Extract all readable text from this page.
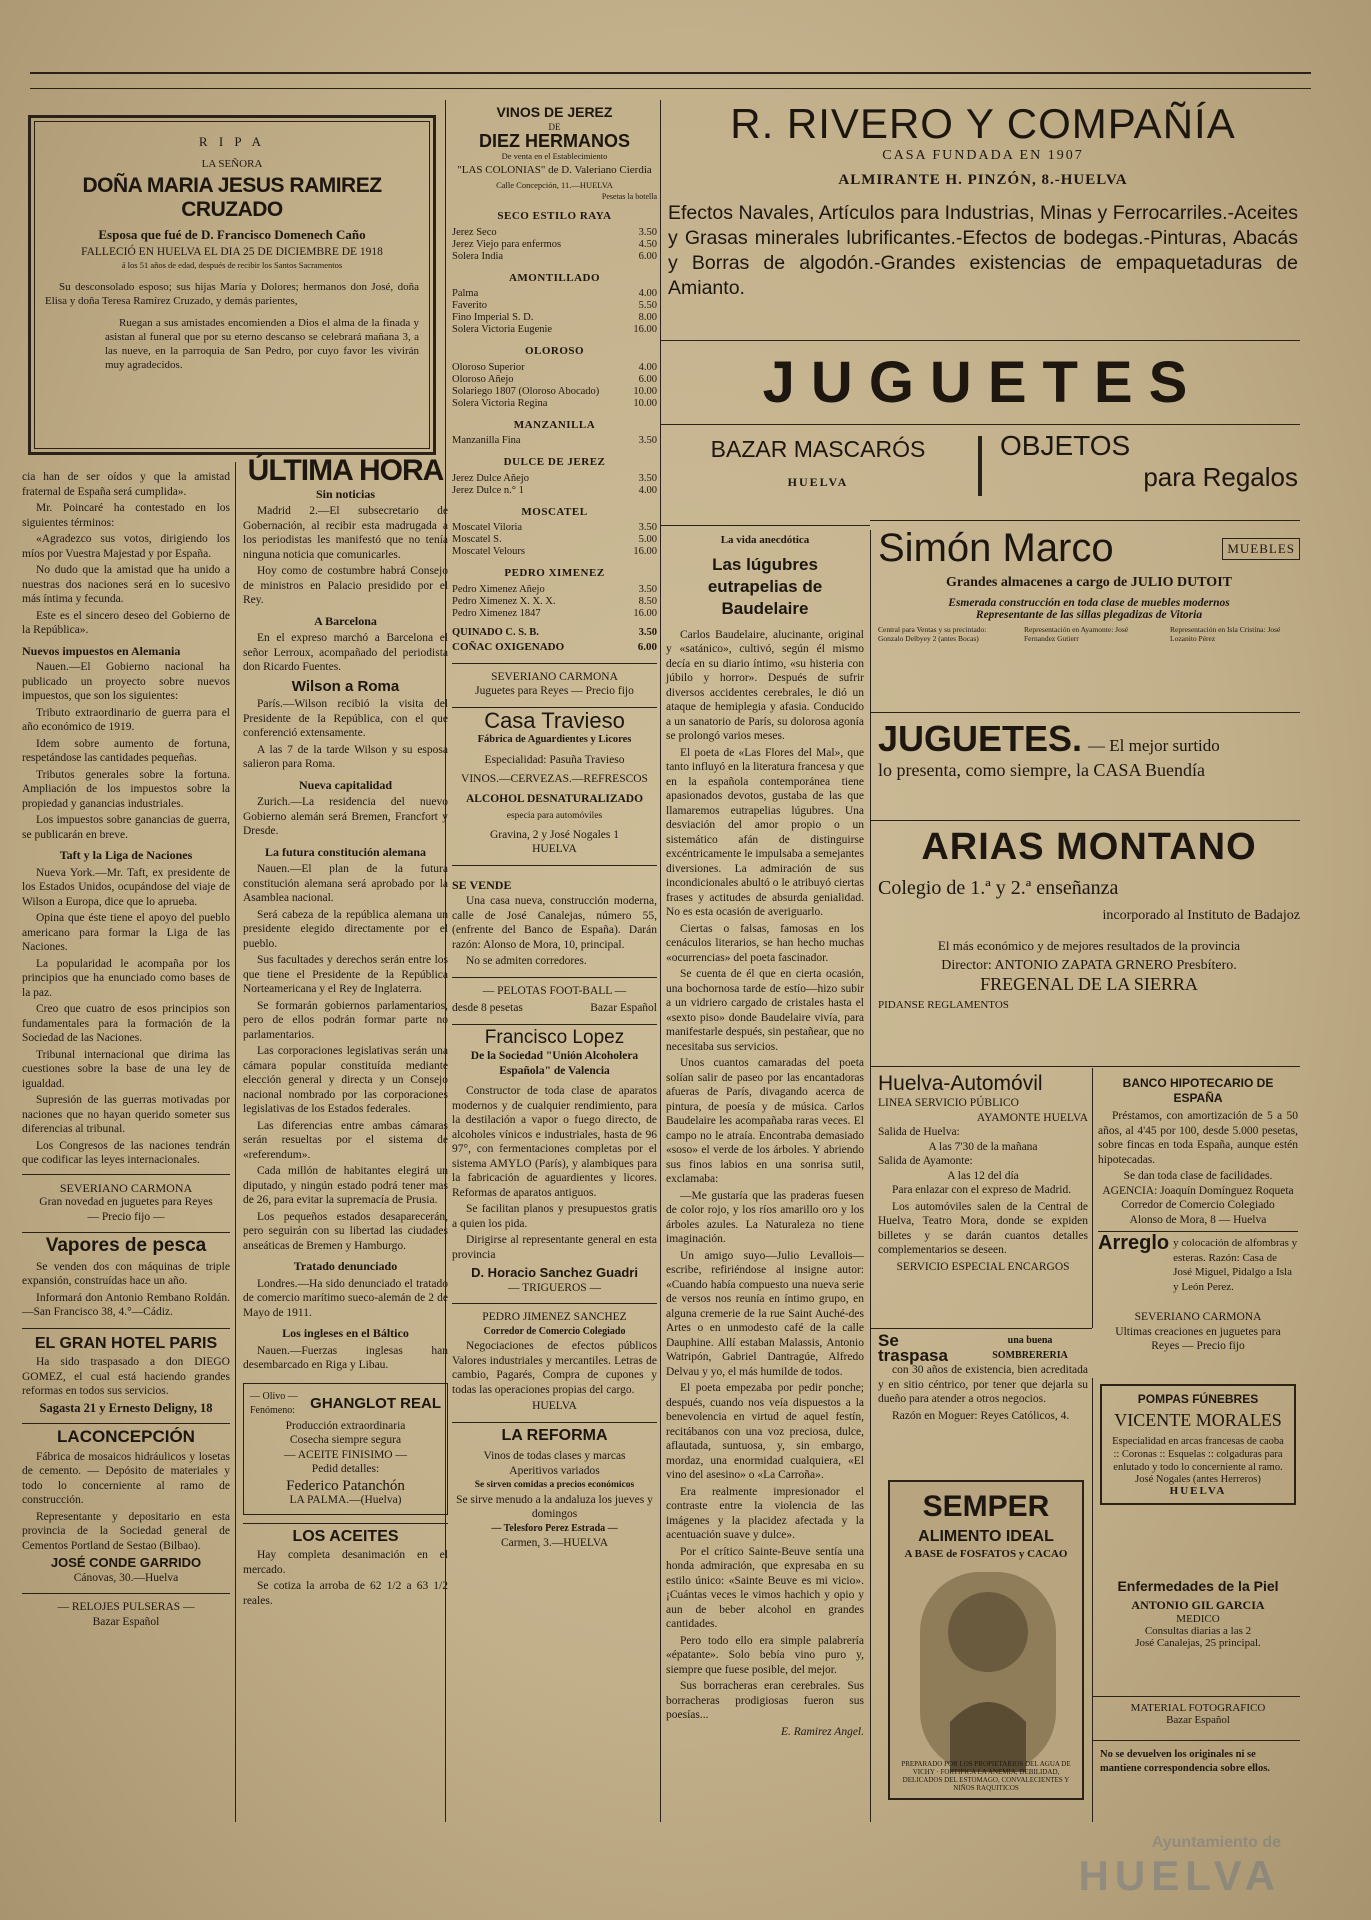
R I P A
LA SEÑORA
DOÑA MARIA JESUS RAMIREZ CRUZADO
Esposa que fué de D. Francisco Domenech Caño
FALLECIÓ EN HUELVA EL DIA 25 DE DICIEMBRE DE 1918
á los 51 años de edad, después de recibir los Santos Sacramentos

Su desconsolado esposo; sus hijas María y Dolores; hermanos don José, doña Elisa y doña Teresa Ramírez Cruzado, y demás parientes,

Ruegan a sus amistades encomienden a Dios el alma de la finada y asistan al funeral que por su eterno descanso se celebrará mañana 3, a las nueve, en la parroquia de San Pedro, por cuyo favor les vivirán muy agradecidos.

cia han de ser oídos y que la amistad fraternal de España será cumplida».

Mr. Poincaré ha contestado en los siguientes términos:

«Agradezco sus votos, dirigiendo los míos por Vuestra Majestad y por España.

No dudo que la amistad que ha unido a nuestras dos naciones será en lo sucesivo más íntima y fecunda.

Este es el sincero deseo del Gobierno de la República».

Nuevos impuestos en Alemania

Nauen.—El Gobierno nacional ha publicado un proyecto sobre nuevos impuestos, que son los siguientes:

Tributo extraordinario de guerra para el año económico de 1919.

Idem sobre aumento de fortuna, respetándose las cantidades pequeñas.

Tributos generales sobre la fortuna. Ampliación de los impuestos sobre la propiedad y ganancias industriales.

Los impuestos sobre ganancias de guerra, se publicarán en breve.

Taft y la Liga de Naciones

Nueva York.—Mr. Taft, ex presidente de los Estados Unidos, ocupándose del viaje de Wilson a Europa, dice que lo aprueba.

Opina que éste tiene el apoyo del pueblo americano para formar la Liga de las Naciones.

La popularidad le acompaña por los principios que ha enunciado como bases de la paz.

Creo que cuatro de esos principios son fundamentales para la formación de la Sociedad de las Naciones.

Tribunal internacional que dirima las cuestiones sobre la base de una ley de igualdad.

Supresión de las guerras motivadas por naciones que no hayan querido someter sus diferencias al tribunal.

Los Congresos de las naciones tendrán que codificar las leyes internacionales.

SEVERIANO CARMONA
Gran novedad en juguetes para Reyes
— Precio fijo —
Vapores de pesca

Se venden dos con máquinas de triple expansión, construídas hace un año.

Informará don Antonio Rembano Roldán.—San Francisco 38, 4.°—Cádiz.

EL GRAN HOTEL PARIS

Ha sido traspasado a don DIEGO GOMEZ, el cual está haciendo grandes reformas en todos sus servicios.

Sagasta 21 y Ernesto Deligny, 18
LACONCEPCIÓN

Fábrica de mosaicos hidráulicos y losetas de cemento. — Depósito de materiales y todo lo concerniente al ramo de construcción.

Representante y depositario en esta provincia de la Sociedad general de Cementos Portland de Sestao (Bilbao).

JOSÉ CONDE GARRIDO
Cánovas, 30.—Huelva
— RELOJES PULSERAS —
Bazar Español
ÚLTIMA HORA
Sin noticias

Madrid 2.—El subsecretario de Gobernación, al recibir esta madrugada a los periodistas les manifestó que no tenía ninguna noticia que comunicarles.

Hoy como de costumbre habrá Consejo de ministros en Palacio presidido por el Rey.

A Barcelona

En el expreso marchó a Barcelona el señor Lerroux, acompañado del periodista don Ricardo Fuentes.

Wilson a Roma

París.—Wilson recibió la visita del Presidente de la República, con el que conferenció extensamente.

A las 7 de la tarde Wilson y su esposa salieron para Roma.

Nueva capitalidad

Zurich.—La residencia del nuevo Gobierno alemán será Bremen, Francfort y Dresde.

La futura constitución alemana

Nauen.—El plan de la futura constitución alemana será aprobado por la Asamblea nacional.

Será cabeza de la república alemana un presidente elegido directamente por el pueblo.

Sus facultades y derechos serán entre los que tiene el Presidente de la República Norteamericana y el Rey de Inglaterra.

Se formarán gobiernos parlamentarios, pero de ellos podrán formar parte no parlamentarios.

Las corporaciones legislativas serán una cámara popular constituída mediante elección general y directa y un Consejo nacional nombrado por las corporaciones legislativas de los Estados federales.

Las diferencias entre ambas cámaras serán resueltas por el sistema de «referendum».

Cada millón de habitantes elegirá un diputado, y ningún estado podrá tener mas de 26, para evitar la supremacía de Prusia.

Los pequeños estados desaparecerán, pero seguirán con su libertad las ciudades anseáticas de Bremen y Hamburgo.

Tratado denunciado

Londres.—Ha sido denunciado el tratado de comercio marítimo sueco-alemán de 2 de Mayo de 1911.

Los ingleses en el Báltico

Nauen.—Fuerzas inglesas han desembarcado en Riga y Libau.

— Olivo — Fenómeno:	GHANGLOT REAL
Producción extraordinaria
Cosecha siempre segura
— ACEITE FINISIMO —
Pedid detalles:
Federico Patanchón
LA PALMA.—(Huelva)
LOS ACEITES

Hay completa desanimación en el mercado.

Se cotiza la arroba de 62 1/2 a 63 1/2 reales.

VINOS DE JEREZ
DE
DIEZ HERMANOS
De venta en el Establecimiento
"LAS COLONIAS" de D. Valeriano Cierdia
Calle Concepción, 11.—HUELVA
Pesetas la botella
SECO ESTILO RAYA
Jerez Seco	3.50
Jerez Viejo para enfermos	4.50
Solera India	6.00
AMONTILLADO
Palma	4.00
Faverito	5.50
Fino Imperial S. D.	8.00
Solera Victoria Eugenie	16.00
OLOROSO
Oloroso Superior	4.00
Oloroso Añejo	6.00
Solariego 1807 (Oloroso Abocado)	10.00
Solera Victoria Regina	10.00
MANZANILLA
Manzanilla Fina	3.50
DULCE DE JEREZ
Jerez Dulce Añejo	3.50
Jerez Dulce n.° 1	4.00
MOSCATEL
Moscatel Viloria	3.50
Moscatel S.	5.00
Moscatel Velours	16.00
PEDRO XIMENEZ
Pedro Ximenez Añejo	3.50
Pedro Ximenez X. X. X.	8.50
Pedro Ximenez 1847	16.00
QUINADO C. S. B.	3.50
COÑAC OXIGENADO	6.00
SEVERIANO CARMONA
Juguetes para Reyes — Precio fijo
Casa Travieso
Fábrica de Aguardientes y Licores
Especialidad: Pasuña Travieso
VINOS.—CERVEZAS.—REFRESCOS
ALCOHOL DESNATURALIZADO
especia para automóviles
Gravina, 2 y José Nogales 1
HUELVA
SE VENDE

Una casa nueva, construcción moderna, calle de José Canalejas, número 55, (enfrente del Banco de España). Darán razón: Alonso de Mora, 10, principal.

No se admiten corredores.

— PELOTAS FOOT-BALL —
desde 8 pesetas	Bazar Español
Francisco Lopez
De la Sociedad "Unión Alcoholera Española" de Valencia

Constructor de toda clase de aparatos modernos y de cualquier rendimiento, para la destilación a vapor o fuego directo, de alcoholes vínicos e industriales, hasta de 96 97°, con fermentaciones completas por el sistema AMYLO (París), y alambiques para la fabricación de aguardientes y licores. Reformas de aparatos antiguos.

Se facilitan planos y presupuestos gratis a quien los pida.

Dirigirse al representante general en esta provincia

D. Horacio Sanchez Guadri
— TRIGUEROS —
PEDRO JIMENEZ SANCHEZ
Corredor de Comercio Colegiado

Negociaciones de efectos públicos Valores industriales y mercantiles. Letras de cambio, Pagarés, Compra de cupones y todas las operaciones propias del cargo.

HUELVA
LA REFORMA
Vinos de todas clases y marcas
Aperitivos variados
Se sirven comidas a precios económicos
Se sirve menudo a la andaluza los jueves y domingos
— Telesforo Perez Estrada —
Carmen, 3.—HUELVA
R. RIVERO Y COMPAÑÍA
CASA FUNDADA EN 1907
ALMIRANTE H. PINZÓN, 8.-HUELVA
Efectos Navales, Artículos para Industrias, Minas y Ferrocarriles.-Aceites y Grasas minerales lubrificantes.-Efectos de bodegas.-Pinturas, Abacás y Borras de algodón.-Grandes existencias de empaquetaduras de Amianto.
JUGUETES
BAZAR MASCARÓS
HUELVA
OBJETOS
para Regalos
La vida anecdótica
Las lúgubres eutrapelias de Baudelaire

Carlos Baudelaire, alucinante, original y «satánico», cultivó, según él mismo decía en su diario íntimo, «su histeria con júbilo y horror». Después de sufrir diversos accidentes cerebrales, le dió un ataque de hemiplegia y afasia. Conducido a un sanatorio de París, su dolorosa agonía se prolongó varios meses.

El poeta de «Las Flores del Mal», que tanto influyó en la literatura francesa y que en la española contemporánea tiene apasionados devotos, gustaba de las que llamaremos eutrapelias lúgubres. Una desviación del amor propio o un sistemático afán de distinguirse excéntricamente le impulsaba a semejantes diversiones. La admiración de sus incondicionales abultó o le atribuyó ciertas frases y actitudes de absurda genialidad. No es esta ocasión de averiguarlo.

Ciertas o falsas, famosas en los cenáculos literarios, se han hecho muchas «ocurrencias» del poeta fascinador.

Se cuenta de él que en cierta ocasión, una bochornosa tarde de estío—hizo subir a un vidriero cargado de cristales hasta el «sexto piso» donde Baudelaire vivía, para manifestarle después, sin pestañear, que no necesitaba sus servicios.

Unos cuantos camaradas del poeta solían salir de paseo por las encantadoras afueras de París, divagando acerca de pintura, de poesía y de música. Carlos Baudelaire les acompañaba raras veces. El campo no le atraía. Encontraba demasiado «soso» el verde de los árboles. Y abriendo sus finos labios en una sonrisa sutil, exclamaba:

—Me gustaría que las praderas fuesen de color rojo, y los ríos amarillo oro y los árboles azules. La Naturaleza no tiene imaginación.

Un amigo suyo—Julio Levallois—escribe, refiriéndose al insigne autor: «Cuando había compuesto una nueva serie de versos nos reunía en íntimo grupo, en alguna cremerie de la rue Saint Auché-des Artes o en unmodesto café de la calle Dauphine. Allí estaban Malassis, Antonio Watripón, Gabriel Dantragúe, Alfredo Delvau y yo, el más humilde de todos.

El poeta empezaba por pedir ponche; después, cuando nos veía dispuestos a la benevolencia en virtud de aquel festín, recitábanos con una voz preciosa, dulce, aflautada, suntuosa, y, sin embargo, mordaz, una enormidad cualquiera, «El vino del asesino» o «La Carroña».

Era realmente impresionador el contraste entre la violencia de las imágenes y la placidez afectada y la acentuación suave y dulce».

Por el crítico Sainte-Beuve sentía una honda admiración, que expresaba en su estilo único: «Sainte Beuve es mi vicio». ¡Cuántas veces le vimos hachich y opio y aun de beber alcohol en grandes cantidades.

Pero todo ello era simple palabrería «épatante». Solo bebía vino puro y, siempre que fuese posible, del mejor.

Sus borracheras eran cerebrales. Sus borracheras prodigiosas fueron sus poesías...

E. Ramirez Angel.
Simón Marco	MUEBLES
Grandes almacenes a cargo de JULIO DUTOIT
Esmerada construcción en toda clase de muebles modernos
Representante de las sillas plegadizas de Vitoria
Central para Ventas y su precintado: Gonzalo Delbyey 2 (antes Bocas)
Representación en Ayamonte: José Fernandez Gutierr
Representación en Isla Cristina: José Lozanito Pérez
JUGUETES. — El mejor surtido
lo presenta, como siempre, la CASA Buendía
ARIAS MONTANO
Colegio de 1.ª y 2.ª enseñanza
incorporado al Instituto de Badajoz
El más económico y de mejores resultados de la provincia
Director: ANTONIO ZAPATA GRNERO Presbítero.
FREGENAL DE LA SIERRA
PIDANSE REGLAMENTOS
Huelva-Automóvil
LINEA SERVICIO PÚBLICO
AYAMONTE HUELVA
Salida de Huelva:
A las 7'30 de la mañana
Salida de Ayamonte:
A las 12 del día

Para enlazar con el expreso de Madrid.

Los automóviles salen de la Central de Huelva, Teatro Mora, donde se expiden billetes y se darán cuantos detalles complementarios se deseen.

SERVICIO ESPECIAL ENCARGOS
BANCO HIPOTECARIO DE ESPAÑA

Préstamos, con amortización de 5 a 50 años, al 4'45 por 100, desde 5.000 pesetas, sobre fincas en toda España, aunque estén hipotecadas.

Se dan toda clase de facilidades.
AGENCIA: Joaquín Domínguez Roqueta Corredor de Comercio Colegiado
Alonso de Mora, 8 — Huelva
Arreglo y colocación de alfombras y esteras. Razón: Casa de José Miguel, Pidalgo a Isla y León Perez.
Se traspasa
una buena SOMBRERERIA

con 30 años de existencia, bien acreditada y en sitio céntrico, por tener que dejarla su dueño para atender a otros negocios.

Razón en Moguer: Reyes Católicos, 4.

SEVERIANO CARMONA
Ultimas creaciones en juguetes para
Reyes — Precio fijo
SEMPER
ALIMENTO IDEAL
A BASE de FOSFATOS y CACAO
PREPARADO POR LOS PROPIETARIOS DEL AGUA DE VICHY · FORTIFICA LA ANEMIA, DEBILIDAD, DELICADOS DEL ESTOMAGO, CONVALECIENTES Y NIÑOS RAQUITICOS
POMPAS FÚNEBRES
VICENTE MORALES

Especialidad en arcas francesas de caoba :: Coronas :: Esquelas :: colgaduras para enlutado y todo lo concerniente al ramo.

José Nogales (antes Herreros)
HUELVA
Enfermedades de la Piel
ANTONIO GIL GARCIA
MEDICO
Consultas diarias a las 2
José Canalejas, 25 principal.
MATERIAL FOTOGRAFICO
Bazar Español
No se devuelven los originales ni se mantiene correspondencia sobre ellos.
Ayuntamiento de
HUELVA
